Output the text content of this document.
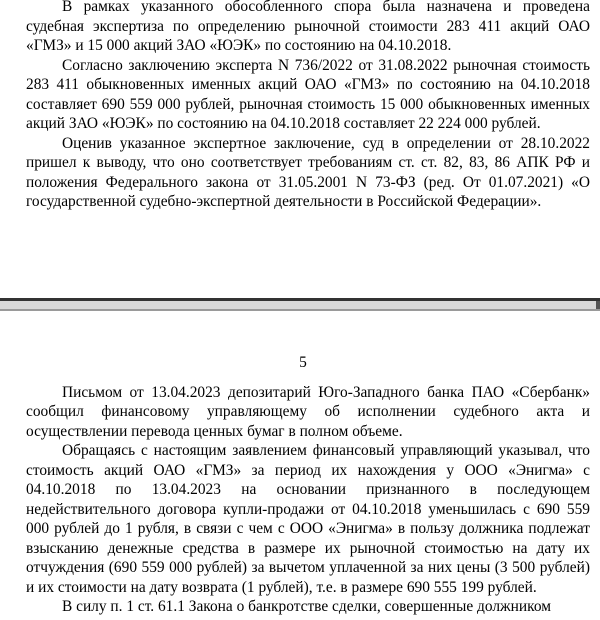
В рамках указанного обособленного спора была назначена и проведена судебная экспертиза по определению рыночной стоимости 283 411 акций ОАО «ГМЗ» и 15 000 акций ЗАО «ЮЭК» по состоянию на 04.10.2018.

Согласно заключению эксперта N 736/2022 от 31.08.2022 рыночная стоимость 283 411 обыкновенных именных акций ОАО «ГМЗ» по состоянию на 04.10.2018 составляет 690 559 000 рублей, рыночная стоимость 15 000 обыкновенных именных акций ЗАО «ЮЭК» по состоянию на 04.10.2018 составляет 22 224 000 рублей.

Оценив указанное экспертное заключение, суд в определении от 28.10.2022 пришел к выводу, что оно соответствует требованиям ст. ст. 82, 83, 86 АПК РФ и положения Федерального закона от 31.05.2001 N 73-ФЗ (ред. От 01.07.2021) «О государственной судебно-экспертной деятельности в Российской Федерации».

5

Письмом от 13.04.2023 депозитарий Юго-Западного банка ПАО «Сбербанк» сообщил финансовому управляющему об исполнении судебного акта и осуществлении перевода ценных бумаг в полном объеме.

Обращаясь с настоящим заявлением финансовый управляющий указывал, что стоимость акций ОАО «ГМЗ» за период их нахождения у ООО «Энигма» с 04.10.2018 по 13.04.2023 на основании признанного в последующем недействительного договора купли-продажи от 04.10.2018 уменьшилась с 690 559 000 рублей до 1 рубля, в связи с чем с ООО «Энигма» в пользу должника подлежат взысканию денежные средства в размере их рыночной стоимостью на дату их отчуждения (690 559 000 рублей) за вычетом уплаченной за них цены (3 500 рублей) и их стоимости на дату возврата (1 рублей), т.е. в размере 690 555 199 рублей.

В силу п. 1 ст. 61.1 Закона о банкротстве сделки, совершенные должником
